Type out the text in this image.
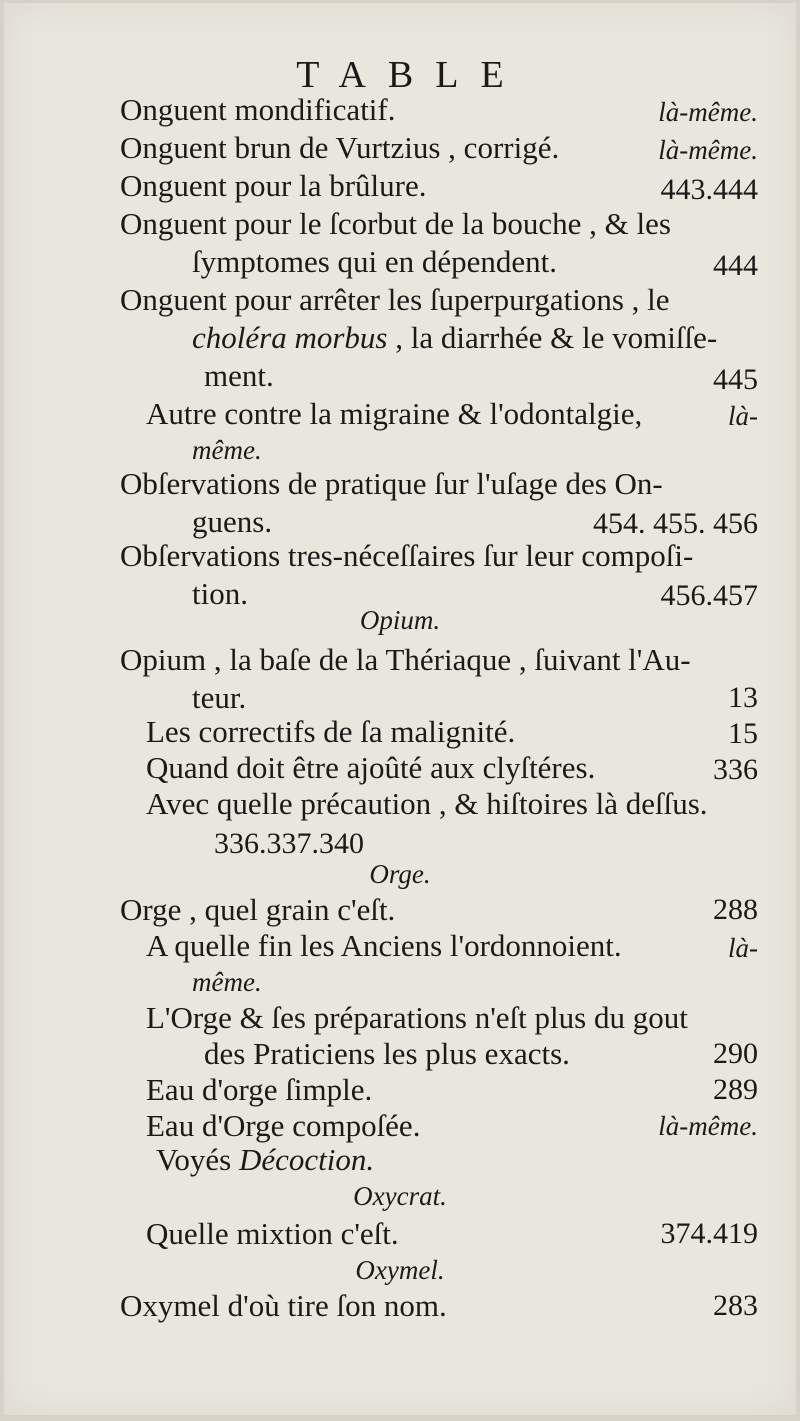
TABLE
Onguent mondificatif.	là-même.
Onguent brun de Vurtzius , corrigé.	là-même.
Onguent pour la brûlure.	443.444
Onguent pour le ſcorbut de la bouche , & les
ſymptomes qui en dépendent.	444
Onguent pour arrêter les ſuperpurgations , le
choléra morbus , la diarrhée & le vomiſſe-
ment.	445
Autre contre la migraine & l'odontalgie,	là-
même.
Obſervations de pratique ſur l'uſage des On-
guens.	454. 455. 456
Obſervations tres-néceſſaires ſur leur compoſi-
tion.	456.457
Opium.
Opium , la baſe de la Thériaque , ſuivant l'Au-
teur.	13
Les correctifs de ſa malignité.	15
Quand doit être ajoûté aux clyſtéres.	336
Avec quelle précaution , & hiſtoires là deſſus.
336.337.340
Orge.
Orge , quel grain c'eſt.	288
A quelle fin les Anciens l'ordonnoient.	là-
même.
L'Orge & ſes préparations n'eſt plus du gout
des Praticiens les plus exacts.	290
Eau d'orge ſimple.	289
Eau d'Orge compoſée.	là-même.
Voyés Décoction.
Oxycrat.
Quelle mixtion c'eſt.	374.419
Oxymel.
Oxymel d'où tire ſon nom.	283
